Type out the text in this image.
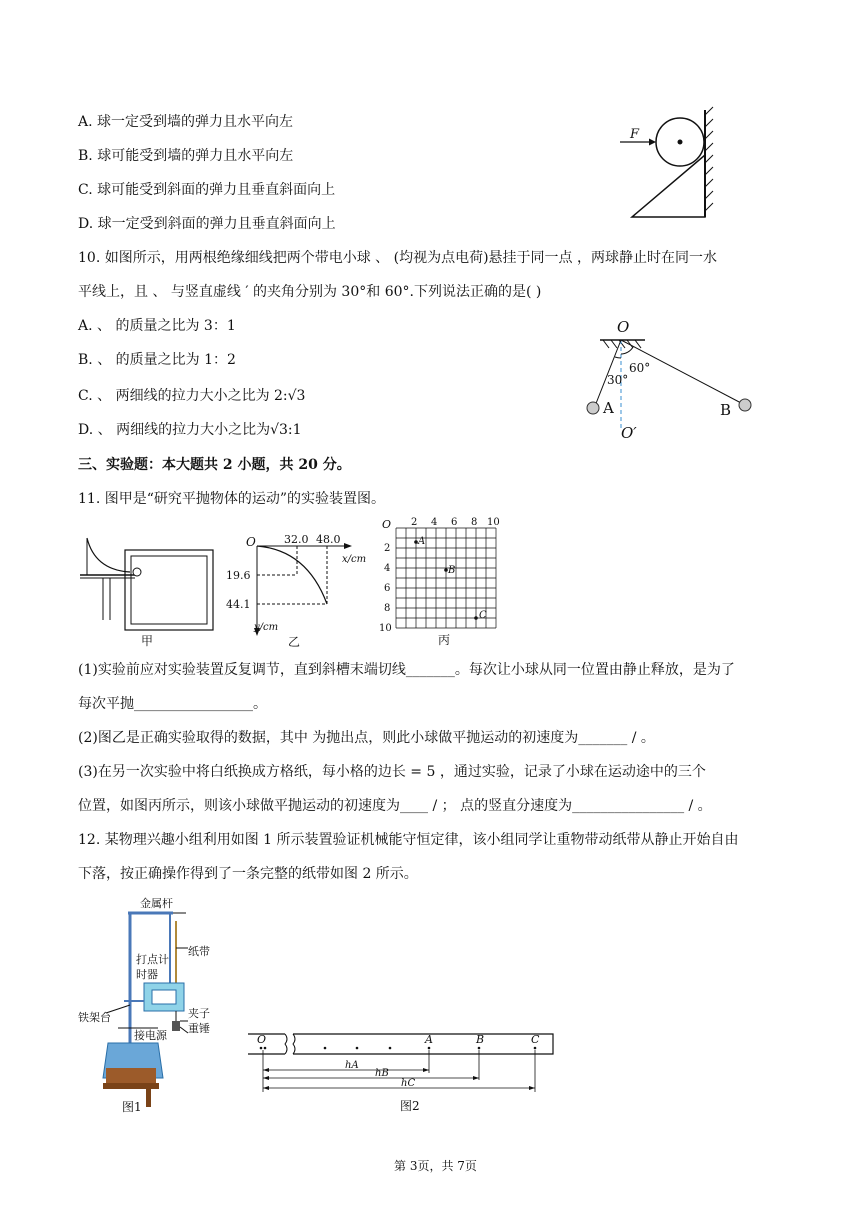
A. 球一定受到墙的弹力且水平向左
B. 球可能受到墙的弹力且水平向左
C. 球可能受到斜面的弹力且垂直斜面向上
D. 球一定受到斜面的弹力且垂直斜面向上
F
10. 如图所示，用两根绝缘细线把两个带电小球 、 (均视为点电荷)悬挂于同一点 ，两球静止时在同一水
平线上，且 、 与竖直虚线 ′ 的夹角分别为 30°和 60°.下列说法正确的是( )
A. 、 的质量之比为 3：1
B. 、 的质量之比为 1：2
C. 、 两细线的拉力大小之比为 2:√3
D. 、 两细线的拉力大小之比为√3:1
O
30°
60°
A	B
O′
三、实验题：本大题共 2 小题，共 20 分。
11. 图甲是“研究平抛物体的运动”的实验装置图。
甲
O	32.0 48.0
x/cm
19.6
44.1
y/cm
乙
O 2 4 6 8 10
2
4
6
8
10
A
B
C
丙
(1)实验前应对实验装置反复调节，直到斜槽末端切线_______。每次让小球从同一位置由静止释放，是为了
每次平抛_________________。
(2)图乙是正确实验取得的数据，其中 为抛出点，则此小球做平抛运动的初速度为_______ / 。
(3)在另一次实验中将白纸换成方格纸，每小格的边长 = 5 ，通过实验，记录了小球在运动途中的三个
位置，如图丙所示，则该小球做平抛运动的初速度为____ / ； 点的竖直分速度为________________ / 。
12. 某物理兴趣小组利用如图 1 所示装置验证机械能守恒定律，该小组同学让重物带动纸带从静止开始自由
下落，按正确操作得到了一条完整的纸带如图 2 所示。
金属杆
纸带
打点计
时器
铁架台	夹子
重锤
接电源
图1
O	A	B	C
hA
hB
hC
图2
第 3页，共 7页
